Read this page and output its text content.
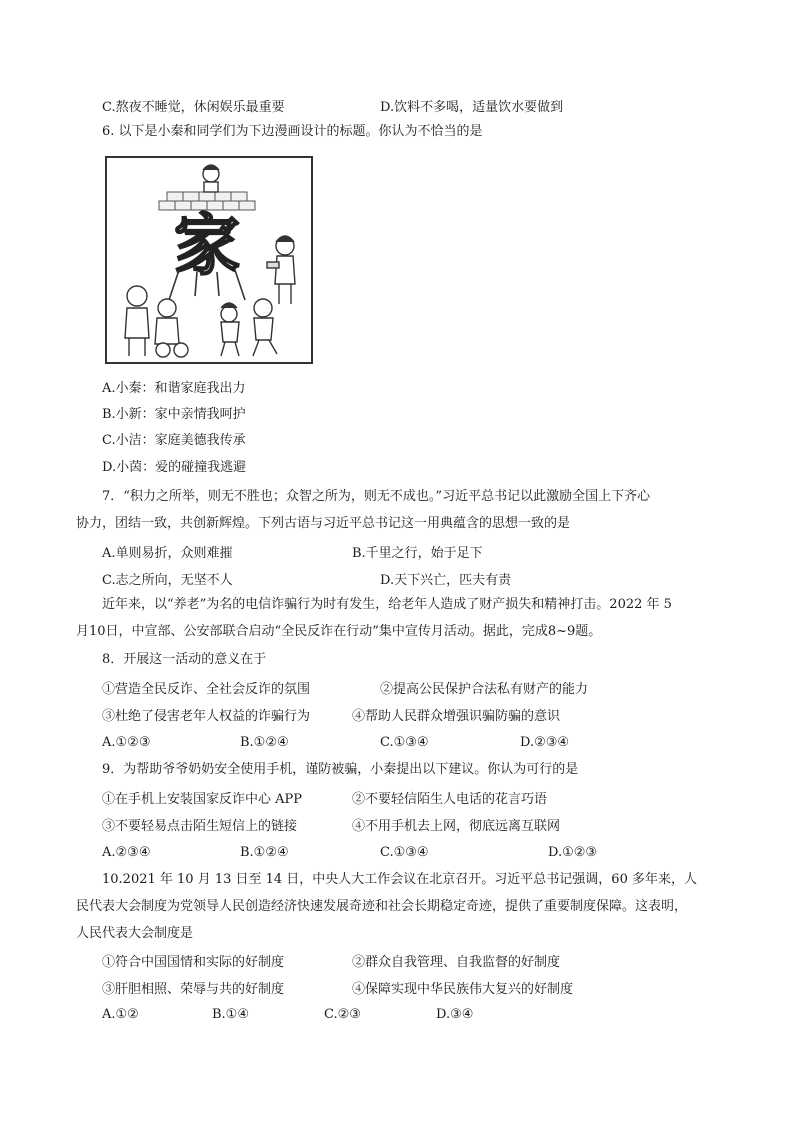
C.熬夜不睡觉，休闲娱乐最重要	D.饮料不多喝，适量饮水要做到
6. 以下是小秦和同学们为下边漫画设计的标题。你认为不恰当的是
家
A.小秦：和谐家庭我出力
B.小新：家中亲情我呵护
C.小洁：家庭美德我传承
D.小茵：爱的碰撞我逃避
7．“积力之所举，则无不胜也；众智之所为，则无不成也。”习近平总书记以此激励全国上下齐心
协力，团结一致，共创新辉煌。下列古语与习近平总书记这一用典蕴含的思想一致的是
A.单则易折，众则难摧	B.千里之行，始于足下
C.志之所向，无坚不人	D.天下兴亡，匹夫有责
近年来，以“养老”为名的电信诈骗行为时有发生，给老年人造成了财产损失和精神打击。2022 年 5
月10日，中宣部、公安部联合启动“全民反诈在行动”集中宣传月活动。据此，完成8~9题。
8．开展这一活动的意义在于
①营造全民反诈、全社会反诈的氛围	②提高公民保护合法私有财产的能力
③杜绝了侵害老年人权益的诈骗行为	④帮助人民群众增强识骗防骗的意识
A.①②③	B.①②④	C.①③④	D.②③④
9．为帮助爷爷奶奶安全使用手机，谨防被骗，小秦提出以下建议。你认为可行的是
①在手机上安装国家反诈中心 APP	②不要轻信陌生人电话的花言巧语
③不要轻易点击陌生短信上的链接	④不用手机去上网，彻底远离互联网
A.②③④	B.①②④	C.①③④	D.①②③
10.2021 年 10 月 13 日至 14 日，中央人大工作会议在北京召开。习近平总书记强调，60 多年来，人
民代表大会制度为党领导人民创造经济快速发展奇迹和社会长期稳定奇迹，提供了重要制度保障。这表明，
人民代表大会制度是
①符合中国国情和实际的好制度	②群众自我管理、自我监督的好制度
③肝胆相照、荣辱与共的好制度	④保障实现中华民族伟大复兴的好制度
A.①②	B.①④	C.②③	D.③④
